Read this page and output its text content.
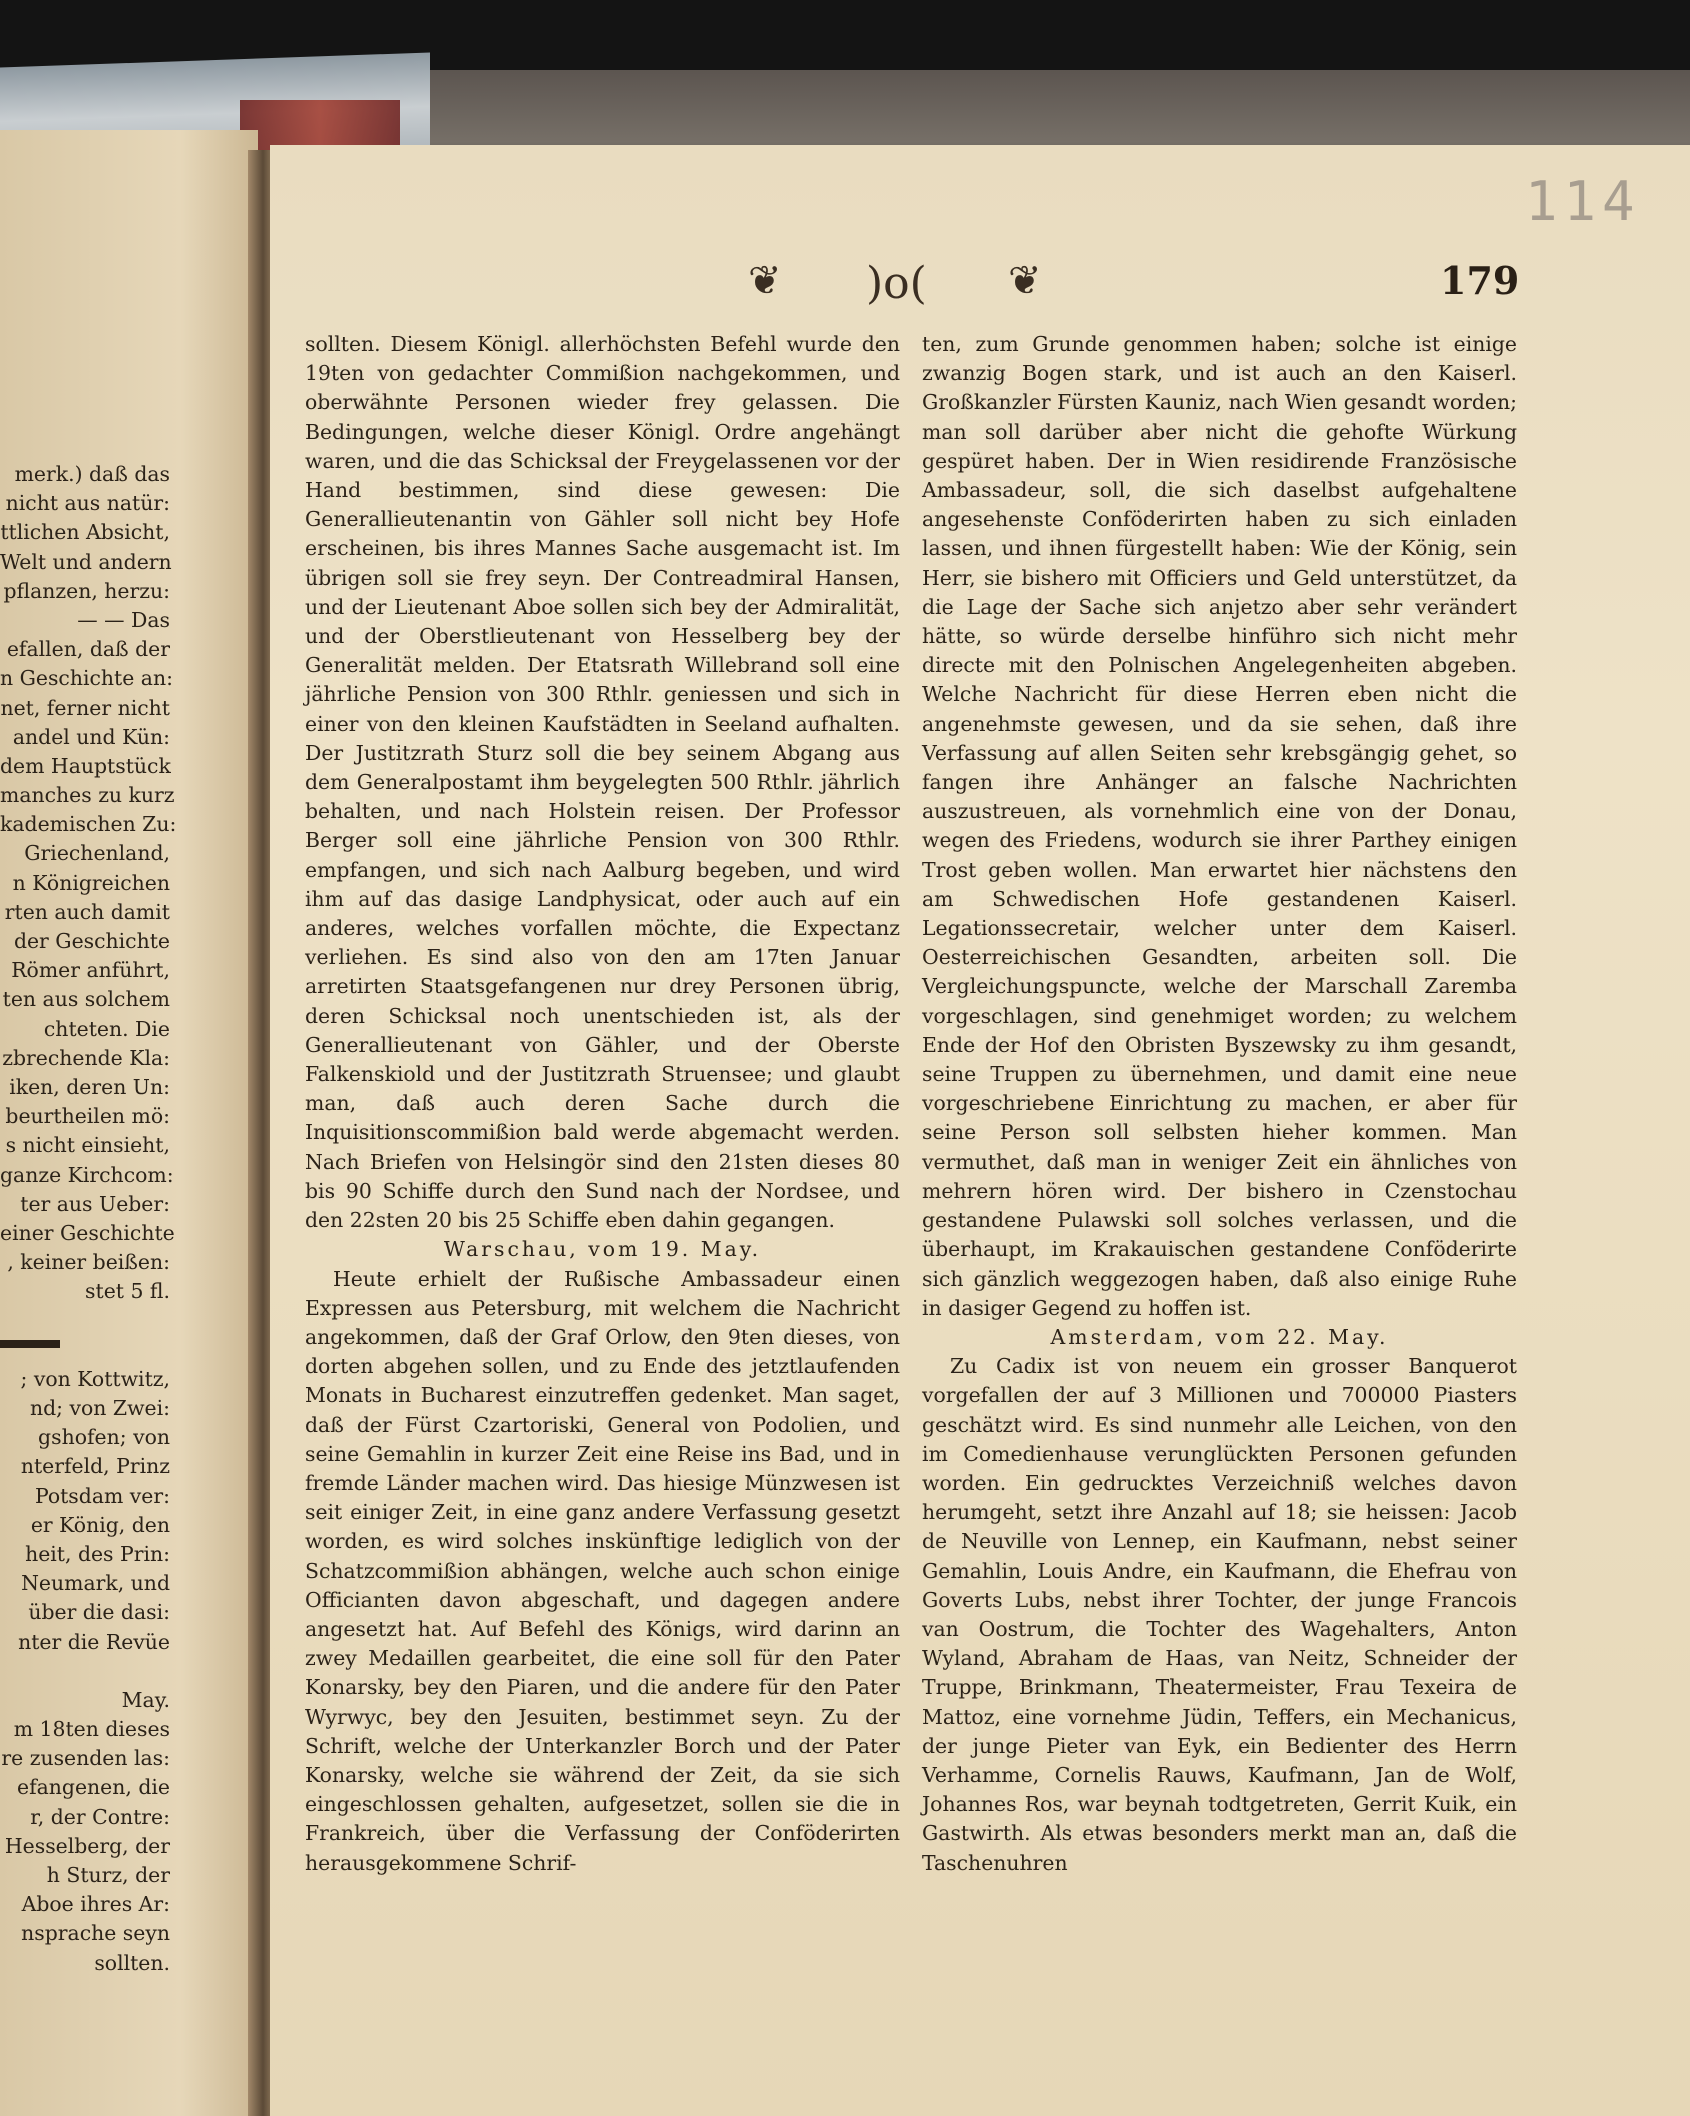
merk.) daß das
nicht aus natür:
ttlichen Absicht,
Welt und andern
pflanzen, herzu:
— — Das
efallen, daß der
n Geschichte an:
net, ferner nicht
andel und Kün:
dem Hauptstück
manches zu kurz
kademischen Zu:
Griechenland,
n Königreichen
rten auch damit
der Geschichte
Römer anführt,
ten aus solchem
chteten. Die
zbrechende Kla:
iken, deren Un:
beurtheilen mö:
s nicht einsieht,
ganze Kirchcom:
ter aus Ueber:
einer Geschichte
, keiner beißen:
stet 5 fl.
; von Kottwitz,
nd; von Zwei:
gshofen; von
nterfeld, Prinz
Potsdam ver:
er König, den
heit, des Prin:
Neumark, und
über die dasi:
nter die Revüe
May.
m 18ten dieses
re zusenden las:
efangenen, die
r, der Contre:
Hesselberg, der
h Sturz, der
Aboe ihres Ar:
nsprache seyn
sollten.
114
❦ )o( ❦	179

sollten. Diesem Königl. allerhöchsten Befehl wurde den 19ten von gedachter Commißion nachgekommen, und oberwähnte Personen wieder frey gelassen. Die Bedingungen, welche dieser Königl. Ordre angehängt waren, und die das Schicksal der Freygelassenen vor der Hand bestimmen, sind diese gewesen: Die Generallieutenantin von Gähler soll nicht bey Hofe erscheinen, bis ihres Mannes Sache ausgemacht ist. Im übrigen soll sie frey seyn. Der Contreadmiral Hansen, und der Lieutenant Aboe sollen sich bey der Admiralität, und der Oberstlieutenant von Hesselberg bey der Generalität melden. Der Etatsrath Willebrand soll eine jährliche Pension von 300 Rthlr. geniessen und sich in einer von den kleinen Kaufstädten in Seeland aufhalten. Der Justitzrath Sturz soll die bey seinem Abgang aus dem Generalpostamt ihm beygelegten 500 Rthlr. jährlich behalten, und nach Holstein reisen. Der Professor Berger soll eine jährliche Pension von 300 Rthlr. empfangen, und sich nach Aalburg begeben, und wird ihm auf das dasige Landphysicat, oder auch auf ein anderes, welches vorfallen möchte, die Expectanz verliehen. Es sind also von den am 17ten Januar arretirten Staatsgefangenen nur drey Personen übrig, deren Schicksal noch unentschieden ist, als der Generallieutenant von Gähler, und der Oberste Falkenskiold und der Justitzrath Struensee; und glaubt man, daß auch deren Sache durch die Inquisitionscommißion bald werde abgemacht werden. Nach Briefen von Helsingör sind den 21sten dieses 80 bis 90 Schiffe durch den Sund nach der Nordsee, und den 22sten 20 bis 25 Schiffe eben dahin gegangen.

Warschau, vom 19. May.

Heute erhielt der Rußische Ambassadeur einen Expressen aus Petersburg, mit welchem die Nachricht angekommen, daß der Graf Orlow, den 9ten dieses, von dorten abgehen sollen, und zu Ende des jetztlaufenden Monats in Bucharest einzutreffen gedenket. Man saget, daß der Fürst Czartoriski, General von Podolien, und seine Gemahlin in kurzer Zeit eine Reise ins Bad, und in fremde Länder machen wird. Das hiesige Münzwesen ist seit einiger Zeit, in eine ganz andere Verfassung gesetzt worden, es wird solches inskünftige lediglich von der Schatzcommißion abhängen, welche auch schon einige Officianten davon abgeschaft, und dagegen andere angesetzt hat. Auf Befehl des Königs, wird darinn an zwey Medaillen gearbeitet, die eine soll für den Pater Konarsky, bey den Piaren, und die andere für den Pater Wyrwyc, bey den Jesuiten, bestimmet seyn. Zu der Schrift, welche der Unterkanzler Borch und der Pater Konarsky, welche sie während der Zeit, da sie sich eingeschlossen gehalten, aufgesetzet, sollen sie die in Frankreich, über die Verfassung der Conföderirten herausgekommene Schrif-

ten, zum Grunde genommen haben; solche ist einige zwanzig Bogen stark, und ist auch an den Kaiserl. Großkanzler Fürsten Kauniz, nach Wien gesandt worden; man soll darüber aber nicht die gehofte Würkung gespüret haben. Der in Wien residirende Französische Ambassadeur, soll, die sich daselbst aufgehaltene angesehenste Conföderirten haben zu sich einladen lassen, und ihnen fürgestellt haben: Wie der König, sein Herr, sie bishero mit Officiers und Geld unterstützet, da die Lage der Sache sich anjetzo aber sehr verändert hätte, so würde derselbe hinführo sich nicht mehr directe mit den Polnischen Angelegenheiten abgeben. Welche Nachricht für diese Herren eben nicht die angenehmste gewesen, und da sie sehen, daß ihre Verfassung auf allen Seiten sehr krebsgängig gehet, so fangen ihre Anhänger an falsche Nachrichten auszustreuen, als vornehmlich eine von der Donau, wegen des Friedens, wodurch sie ihrer Parthey einigen Trost geben wollen. Man erwartet hier nächstens den am Schwedischen Hofe gestandenen Kaiserl. Legationssecretair, welcher unter dem Kaiserl. Oesterreichischen Gesandten, arbeiten soll. Die Vergleichungspuncte, welche der Marschall Zaremba vorgeschlagen, sind genehmiget worden; zu welchem Ende der Hof den Obristen Byszewsky zu ihm gesandt, seine Truppen zu übernehmen, und damit eine neue vorgeschriebene Einrichtung zu machen, er aber für seine Person soll selbsten hieher kommen. Man vermuthet, daß man in weniger Zeit ein ähnliches von mehrern hören wird. Der bishero in Czenstochau gestandene Pulawski soll solches verlassen, und die überhaupt, im Krakauischen gestandene Conföderirte sich gänzlich weggezogen haben, daß also einige Ruhe in dasiger Gegend zu hoffen ist.

Amsterdam, vom 22. May.

Zu Cadix ist von neuem ein grosser Banquerot vorgefallen der auf 3 Millionen und 700000 Piasters geschätzt wird. Es sind nunmehr alle Leichen, von den im Comedienhause verunglückten Personen gefunden worden. Ein gedrucktes Verzeichniß welches davon herumgeht, setzt ihre Anzahl auf 18; sie heissen: Jacob de Neuville von Lennep, ein Kaufmann, nebst seiner Gemahlin, Louis Andre, ein Kaufmann, die Ehefrau von Goverts Lubs, nebst ihrer Tochter, der junge Francois van Oostrum, die Tochter des Wagehalters, Anton Wyland, Abraham de Haas, van Neitz, Schneider der Truppe, Brinkmann, Theatermeister, Frau Texeira de Mattoz, eine vornehme Jüdin, Teffers, ein Mechanicus, der junge Pieter van Eyk, ein Bedienter des Herrn Verhamme, Cornelis Rauws, Kaufmann, Jan de Wolf, Johannes Ros, war beynah todtgetreten, Gerrit Kuik, ein Gastwirth. Als etwas besonders merkt man an, daß die Taschenuhren
